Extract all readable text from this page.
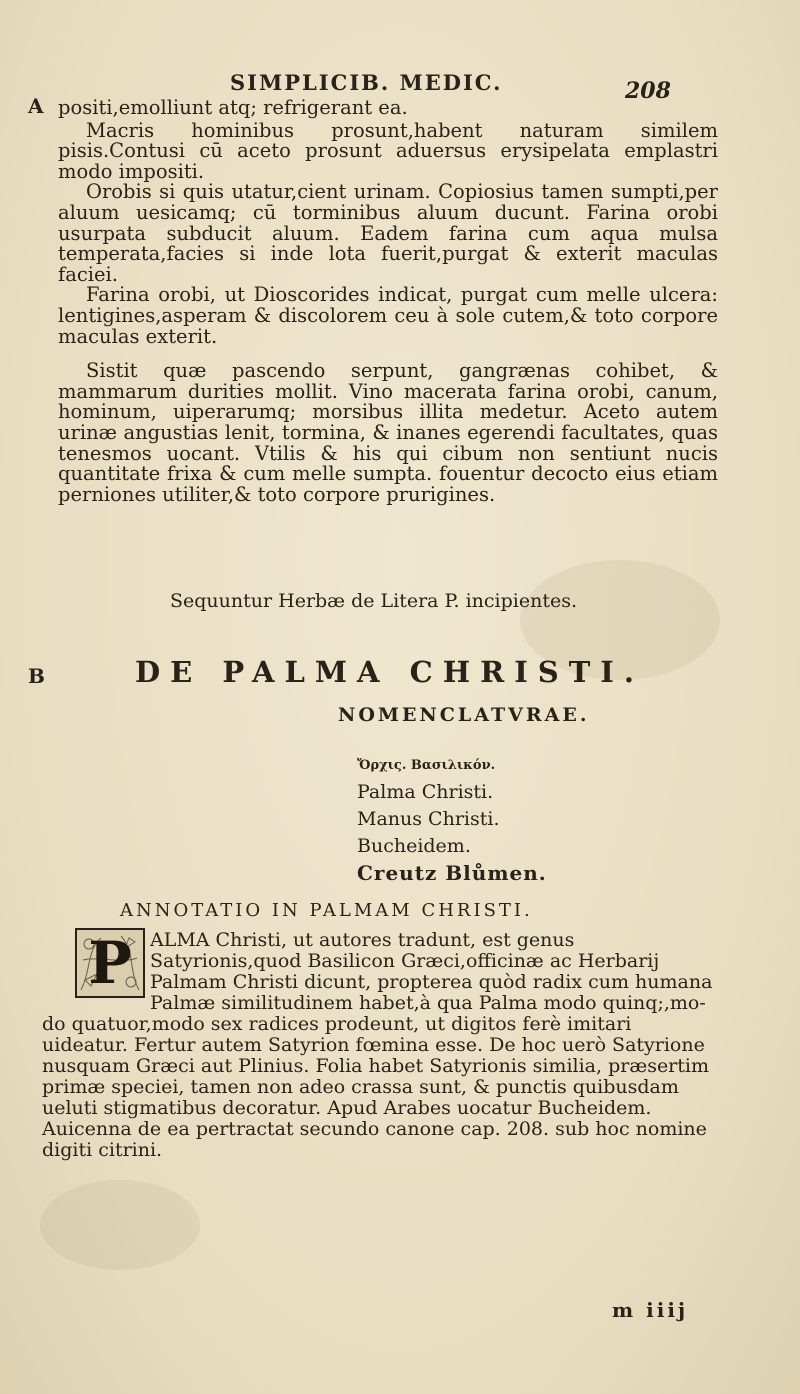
SIMPLICIB. MEDIC.	208
A
B

positi,emolliunt atq; refrigerant ea.

Macris hominibus prosunt,habent naturam similem pisis.Contusi cū aceto prosunt aduersus erysipelata emplastri modo impositi.

Orobis si quis utatur,cient urinam. Copiosius tamen sumpti,per aluum uesicamq; cū torminibus aluum ducunt. Farina orobi usurpata subducit aluum. Eadem farina cum aqua mulsa temperata,facies si inde lota fuerit,purgat & exterit maculas faciei.

Farina orobi, ut Dioscorides indicat, purgat cum melle ulcera: lentigines,asperam & discolorem ceu à sole cutem,& toto corpore maculas exterit.

Sistit quæ pascendo serpunt, gangrænas cohibet, & mammarum durities mollit. Vino macerata farina orobi, canum, hominum, uiperarumq; morsibus illita medetur. Aceto autem urinæ angustias lenit, tormina, & inanes egerendi facultates, quas tenesmos uocant. Vtilis & his qui cibum non sentiunt nucis quantitate frixa & cum melle sumpta. fouentur decocto eius etiam perniones utiliter,& toto corpore prurigines.

Sequuntur Herbæ de Litera P. incipientes.
DE PALMA CHRISTI.
NOMENCLATVRAE.
Ὄρχις. Βασιλικόν.
Palma Christi.
Manus Christi.
Bucheidem.
Creutz Blůmen.
ANNOTATIO IN PALMAM CHRISTI.
P ALMA Christi, ut autores tradunt, est genus Satyrionis,quod Basilicon Græci,officinæ ac Herbarij Palmam Christi dicunt, propterea quòd radix cum humana Palmæ similitudinem habet,à qua Palma modo quinq;,mo-
do quatuor,modo sex radices prodeunt, ut digitos ferè imitari uideatur. Fertur autem Satyrion fœmina esse. De hoc uerò Satyrione nusquam Græci aut Plinius. Folia habet Satyrionis similia, præsertim primæ speciei, tamen non adeo crassa sunt, & punctis quibusdam ueluti stigmatibus decoratur. Apud Arabes uocatur Bucheidem. Auicenna de ea pertractat secundo canone cap. 208. sub hoc nomine digiti citrini.
m iiij
